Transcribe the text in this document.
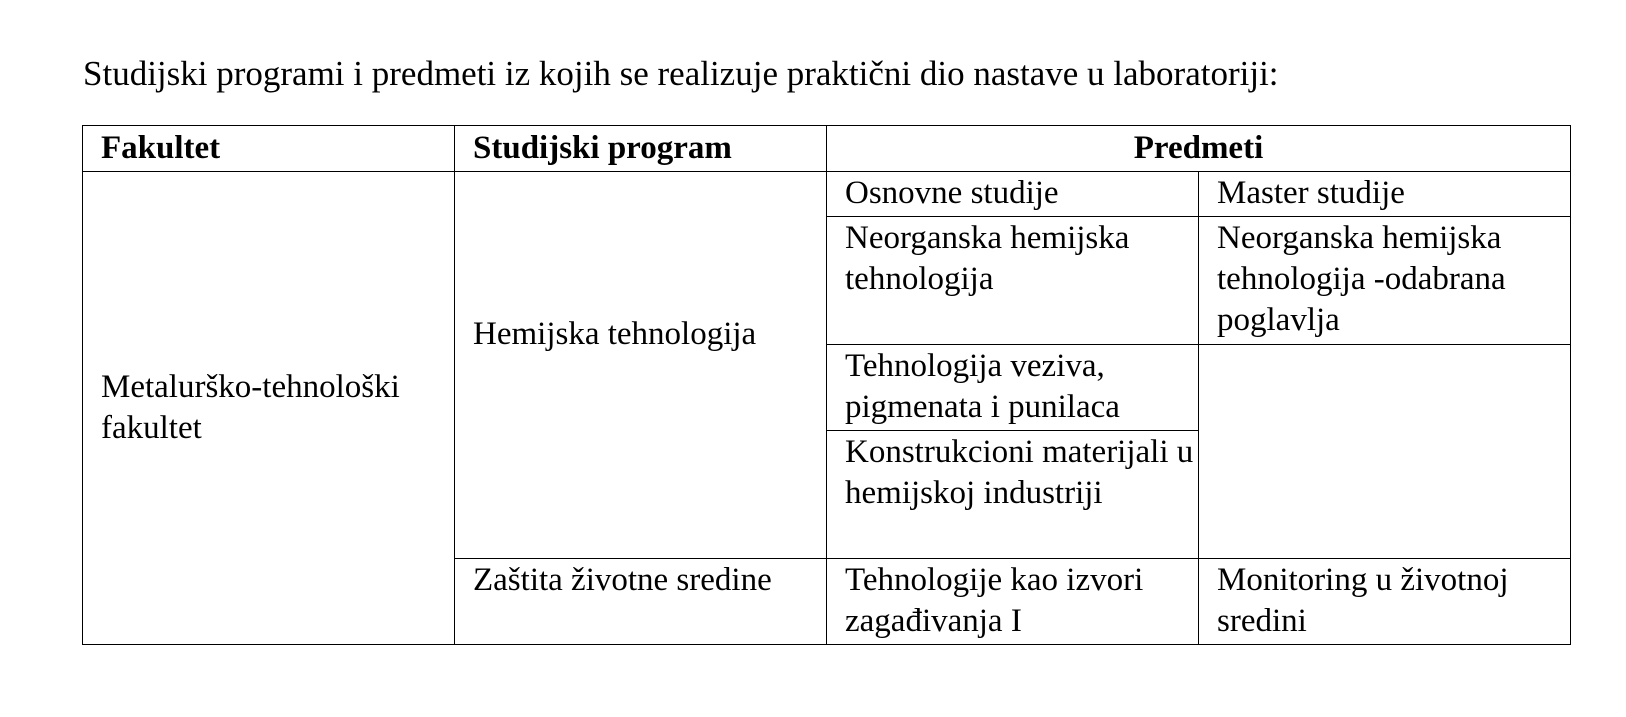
Studijski programi i predmeti iz kojih se realizuje praktični dio nastave u laboratoriji:

Fakultet	Studijski program	Predmeti	

Metalurško-tehnološki fakultet	Hemijska tehnologija	Osnovne studije	Master studije
		Neorganska hemijska tehnologija	Neorganska hemijska tehnologija -odabrana poglavlja
		Tehnologija veziva, pigmenata i punilaca	
		Konstrukcioni materijali u hemijskoj industriji	

	Zaštita životne sredine	Tehnologije kao izvori zagađivanja I	Monitoring u životnoj sredini
